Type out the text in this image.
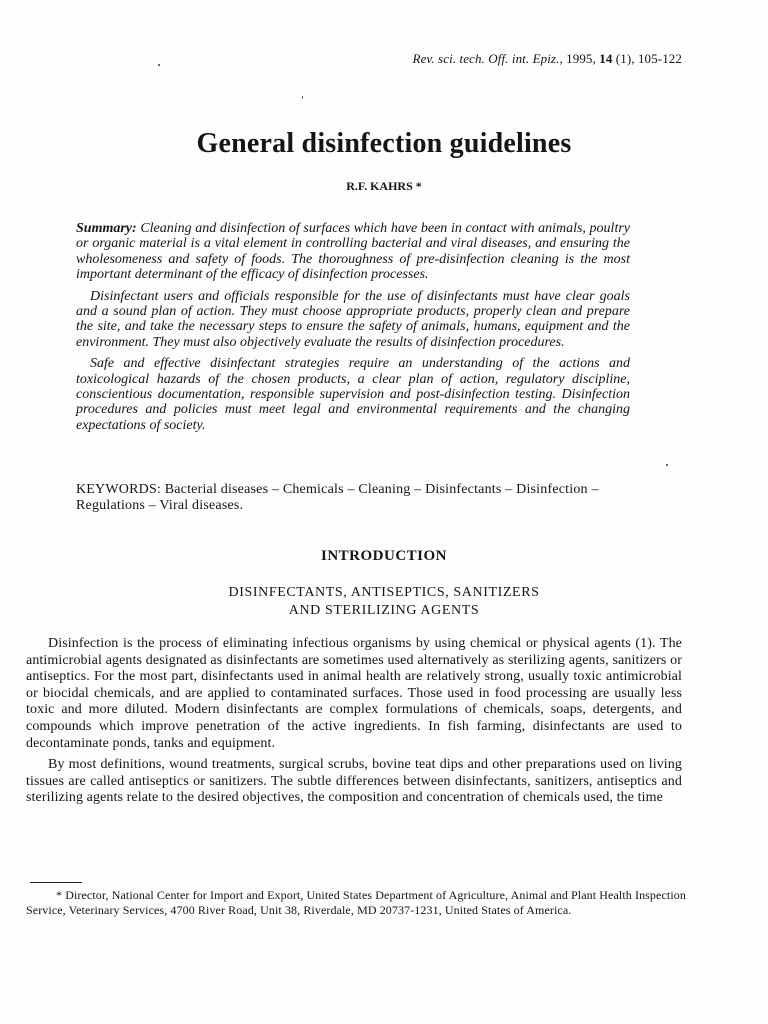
Rev. sci. tech. Off. int. Epiz., 1995, 14 (1), 105-122
General disinfection guidelines
R.F. KAHRS *

Summary: Cleaning and disinfection of surfaces which have been in contact with animals, poultry or organic material is a vital element in controlling bacterial and viral diseases, and ensuring the wholesomeness and safety of foods. The thoroughness of pre-disinfection cleaning is the most important determinant of the efficacy of disinfection processes.

Disinfectant users and officials responsible for the use of disinfectants must have clear goals and a sound plan of action. They must choose appropriate products, properly clean and prepare the site, and take the necessary steps to ensure the safety of animals, humans, equipment and the environment. They must also objectively evaluate the results of disinfection procedures.

Safe and effective disinfectant strategies require an understanding of the actions and toxicological hazards of the chosen products, a clear plan of action, regulatory discipline, conscientious documentation, responsible supervision and post-disinfection testing. Disinfection procedures and policies must meet legal and environmental requirements and the changing expectations of society.

KEYWORDS: Bacterial diseases – Chemicals – Cleaning – Disinfectants – Disinfection – Regulations – Viral diseases.
INTRODUCTION
DISINFECTANTS, ANTISEPTICS, SANITIZERS
AND STERILIZING AGENTS

Disinfection is the process of eliminating infectious organisms by using chemical or physical agents (1). The antimicrobial agents designated as disinfectants are sometimes used alternatively as sterilizing agents, sanitizers or antiseptics. For the most part, disinfectants used in animal health are relatively strong, usually toxic antimicrobial or biocidal chemicals, and are applied to contaminated surfaces. Those used in food processing are usually less toxic and more diluted. Modern disinfectants are complex formulations of chemicals, soaps, detergents, and compounds which improve penetration of the active ingredients. In fish farming, disinfectants are used to decontaminate ponds, tanks and equipment.

By most definitions, wound treatments, surgical scrubs, bovine teat dips and other preparations used on living tissues are called antiseptics or sanitizers. The subtle differences between disinfectants, sanitizers, antiseptics and sterilizing agents relate to the desired objectives, the composition and concentration of chemicals used, the time

* Director, National Center for Import and Export, United States Department of Agriculture, Animal and Plant Health Inspection Service, Veterinary Services, 4700 River Road, Unit 38, Riverdale, MD 20737-1231, United States of America.
